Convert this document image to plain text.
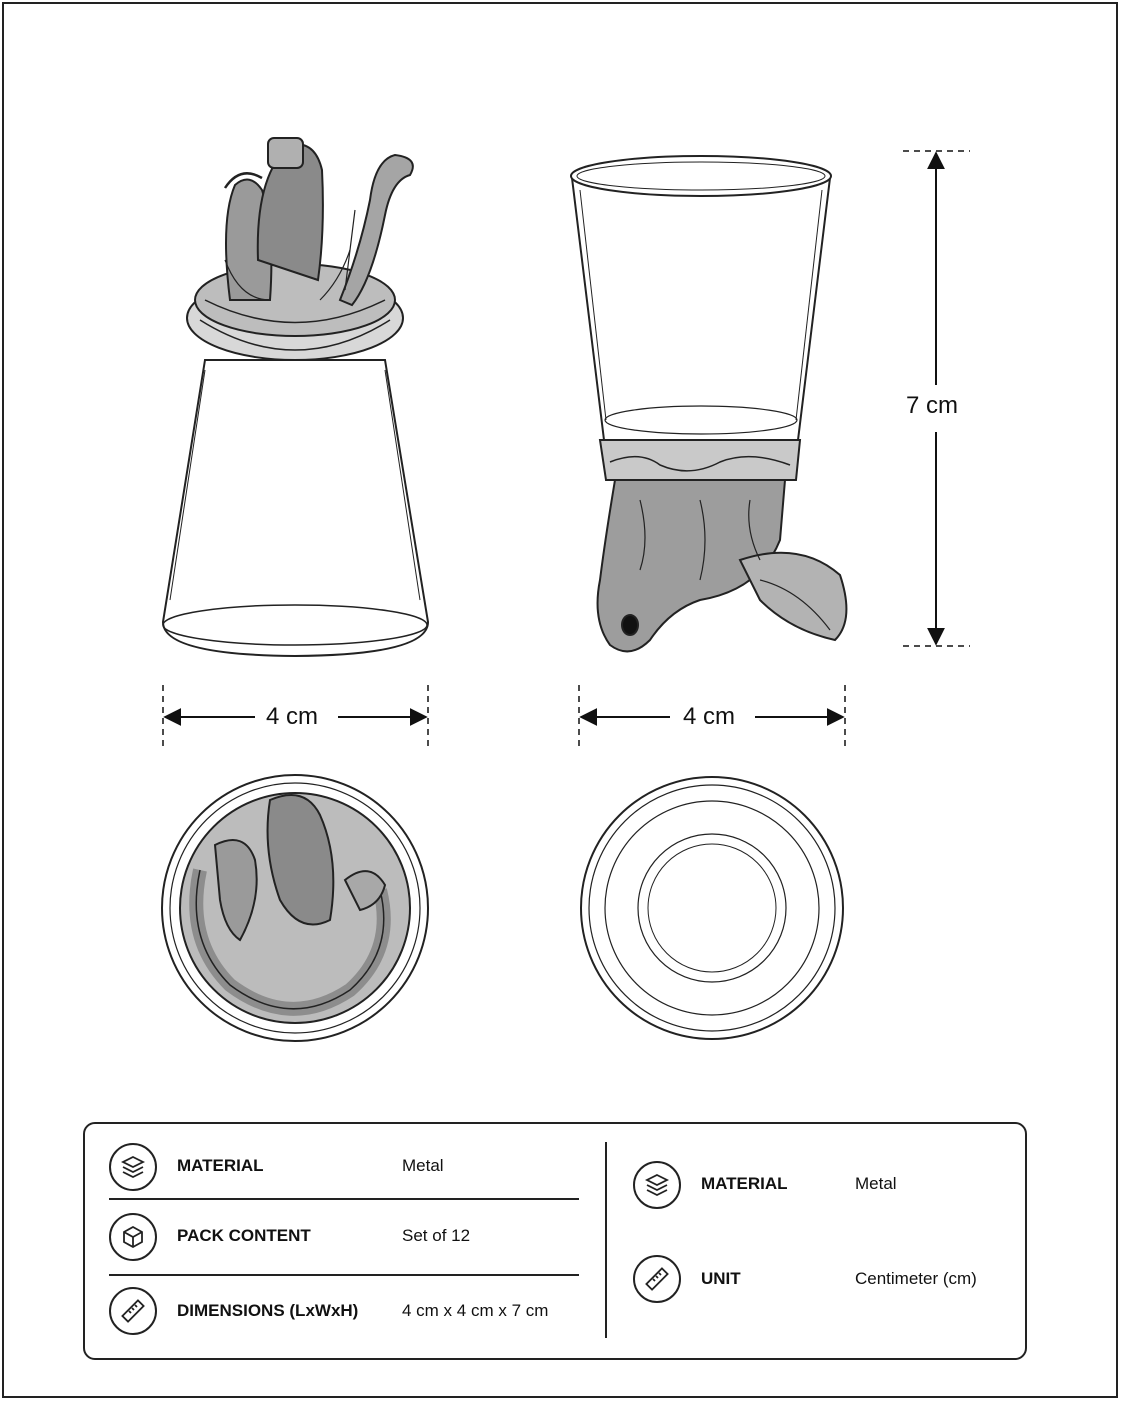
4 cm	4 cm
7 cm
MATERIAL	Metal
PACK CONTENT	Set of 12
DIMENSIONS (LxWxH)	4 cm x 4 cm x 7 cm
MATERIAL	Metal
UNIT	Centimeter (cm)
